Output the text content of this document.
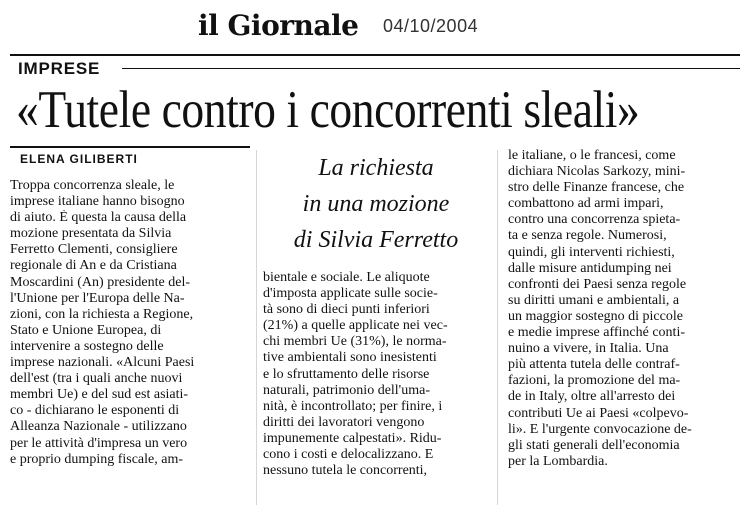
il Giornale 04/10/2004
IMPRESE
«Tutele contro i concorrenti sleali»
ELENA GILIBERTI	La richiesta
in una mozione
di Silvia Ferretto
Troppa concorrenza sleale, le
imprese italiane hanno bisogno
di aiuto. È questa la causa della
mozione presentata da Silvia
Ferretto Clementi, consigliere
regionale di An e da Cristiana
Moscardini (An) presidente del-
l'Unione per l'Europa delle Na-
zioni, con la richiesta a Regione,
Stato e Unione Europea, di
intervenire a sostegno delle
imprese nazionali. «Alcuni Paesi
dell'est (tra i quali anche nuovi
membri Ue) e del sud est asiati-
co - dichiarano le esponenti di
Alleanza Nazionale - utilizzano
per le attività d'impresa un vero
e proprio dumping fiscale, am-
bientale e sociale. Le aliquote
d'imposta applicate sulle socie-
tà sono di dieci punti inferiori
(21%) a quelle applicate nei vec-
chi membri Ue (31%), le norma-
tive ambientali sono inesistenti
e lo sfruttamento delle risorse
naturali, patrimonio dell'uma-
nità, è incontrollato; per finire, i
diritti dei lavoratori vengono
impunemente calpestati». Ridu-
cono i costi e delocalizzano. E
nessuno tutela le concorrenti,
le italiane, o le francesi, come
dichiara Nicolas Sarkozy, mini-
stro delle Finanze francese, che
combattono ad armi impari,
contro una concorrenza spieta-
ta e senza regole. Numerosi,
quindi, gli interventi richiesti,
dalle misure antidumping nei
confronti dei Paesi senza regole
su diritti umani e ambientali, a
un maggior sostegno di piccole
e medie imprese affinché conti-
nuino a vivere, in Italia. Una
più attenta tutela delle contraf-
fazioni, la promozione del ma-
de in Italy, oltre all'arresto dei
contributi Ue ai Paesi «colpevo-
li». E l'urgente convocazione de-
gli stati generali dell'economia
per la Lombardia.
